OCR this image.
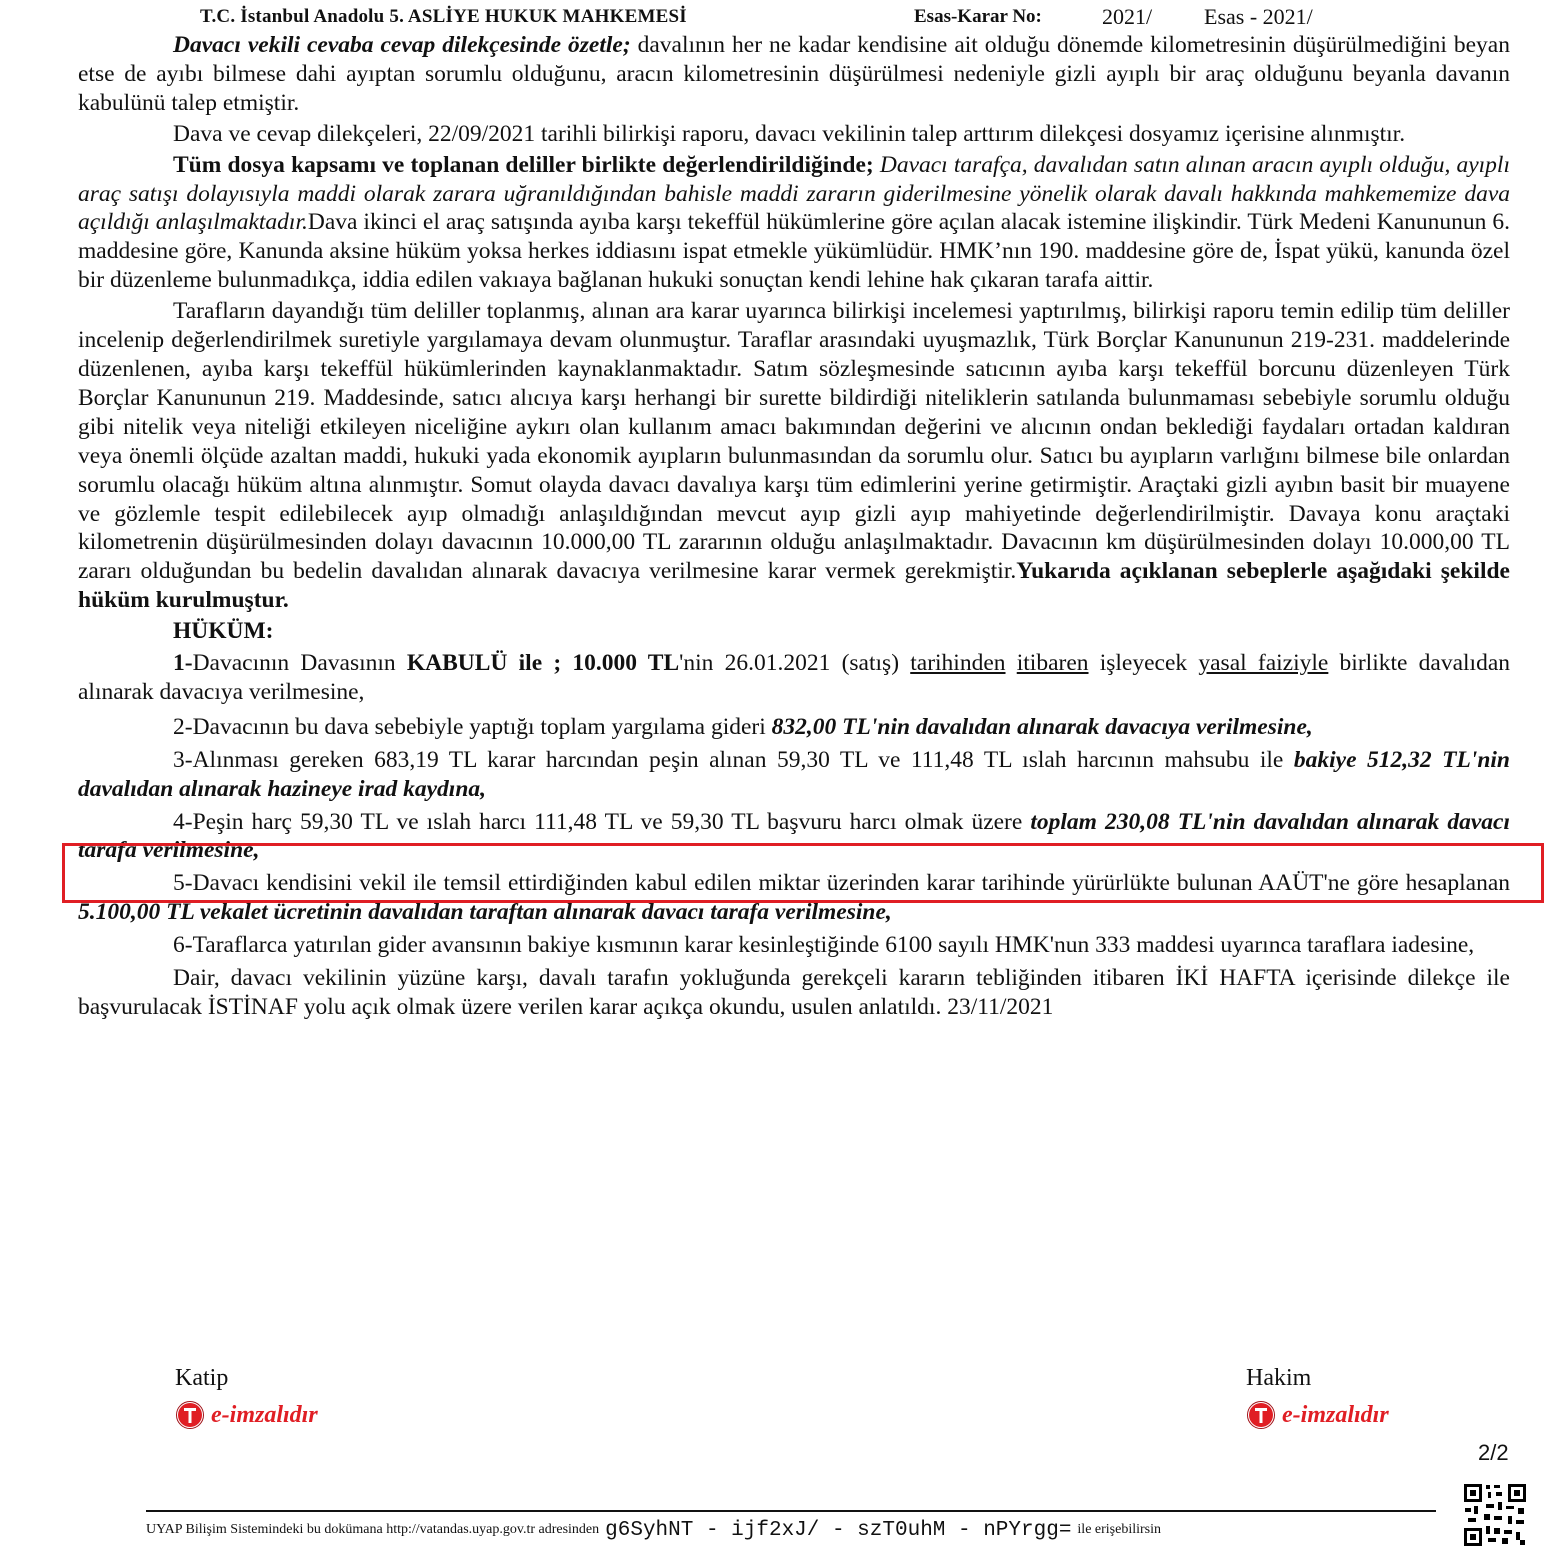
T.C. İstanbul Anadolu 5. ASLİYE HUKUK MAHKEMESİ	Esas-Karar No:	2021/ Esas - 2021/

Davacı vekili cevaba cevap dilekçesinde özetle; davalının her ne kadar kendisine ait olduğu dönemde kilometresinin düşürülmediğini beyan etse de ayıbı bilmese dahi ayıptan sorumlu olduğunu, aracın kilometresinin düşürülmesi nedeniyle gizli ayıplı bir araç olduğunu beyanla davanın kabulünü talep etmiştir.

Dava ve cevap dilekçeleri, 22/09/2021 tarihli bilirkişi raporu, davacı vekilinin talep arttırım dilekçesi dosyamız içerisine alınmıştır.

Tüm dosya kapsamı ve toplanan deliller birlikte değerlendirildiğinde; Davacı tarafça, davalıdan satın alınan aracın ayıplı olduğu, ayıplı araç satışı dolayısıyla maddi olarak zarara uğranıldığından bahisle maddi zararın giderilmesine yönelik olarak davalı hakkında mahkememize dava açıldığı anlaşılmaktadır.Dava ikinci el araç satışında ayıba karşı tekeffül hükümlerine göre açılan alacak istemine ilişkindir. Türk Medeni Kanununun 6. maddesine göre, Kanunda aksine hüküm yoksa herkes iddiasını ispat etmekle yükümlüdür. HMK’nın 190. maddesine göre de, İspat yükü, kanunda özel bir düzenleme bulunmadıkça, iddia edilen vakıaya bağlanan hukuki sonuçtan kendi lehine hak çıkaran tarafa aittir.

Tarafların dayandığı tüm deliller toplanmış, alınan ara karar uyarınca bilirkişi incelemesi yaptırılmış, bilirkişi raporu temin edilip tüm deliller incelenip değerlendirilmek suretiyle yargılamaya devam olunmuştur. Taraflar arasındaki uyuşmazlık, Türk Borçlar Kanununun 219-231. maddelerinde düzenlenen, ayıba karşı tekeffül hükümlerinden kaynaklanmaktadır. Satım sözleşmesinde satıcının ayıba karşı tekeffül borcunu düzenleyen Türk Borçlar Kanununun 219. Maddesinde, satıcı alıcıya karşı herhangi bir surette bildirdiği niteliklerin satılanda bulunmaması sebebiyle sorumlu olduğu gibi nitelik veya niteliği etkileyen niceliğine aykırı olan kullanım amacı bakımından değerini ve alıcının ondan beklediği faydaları ortadan kaldıran veya önemli ölçüde azaltan maddi, hukuki yada ekonomik ayıpların bulunmasından da sorumlu olur. Satıcı bu ayıpların varlığını bilmese bile onlardan sorumlu olacağı hüküm altına alınmıştır. Somut olayda davacı davalıya karşı tüm edimlerini yerine getirmiştir. Araçtaki gizli ayıbın basit bir muayene ve gözlemle tespit edilebilecek ayıp olmadığı anlaşıldığından mevcut ayıp gizli ayıp mahiyetinde değerlendirilmiştir. Davaya konu araçtaki kilometrenin düşürülmesinden dolayı davacının 10.000,00 TL zararının olduğu anlaşılmaktadır. Davacının km düşürülmesinden dolayı 10.000,00 TL zararı olduğundan bu bedelin davalıdan alınarak davacıya verilmesine karar vermek gerekmiştir.Yukarıda açıklanan sebeplerle aşağıdaki şekilde hüküm kurulmuştur.

HÜKÜM:

1-Davacının Davasının KABULÜ ile ; 10.000 TL'nin 26.01.2021 (satış) tarihinden itibaren işleyecek yasal faiziyle birlikte davalıdan alınarak davacıya verilmesine,

2-Davacının bu dava sebebiyle yaptığı toplam yargılama gideri 832,00 TL'nin davalıdan alınarak davacıya verilmesine,

3-Alınması gereken 683,19 TL karar harcından peşin alınan 59,30 TL ve 111,48 TL ıslah harcının mahsubu ile bakiye 512,32 TL'nin davalıdan alınarak hazineye irad kaydına,

4-Peşin harç 59,30 TL ve ıslah harcı 111,48 TL ve 59,30 TL başvuru harcı olmak üzere toplam 230,08 TL'nin davalıdan alınarak davacı tarafa verilmesine,

5-Davacı kendisini vekil ile temsil ettirdiğinden kabul edilen miktar üzerinden karar tarihinde yürürlükte bulunan AAÜT'ne göre hesaplanan 5.100,00 TL vekalet ücretinin davalıdan taraftan alınarak davacı tarafa verilmesine,

6-Taraflarca yatırılan gider avansının bakiye kısmının karar kesinleştiğinde 6100 sayılı HMK'nun 333 maddesi uyarınca taraflara iadesine,

Dair, davacı vekilinin yüzüne karşı, davalı tarafın yokluğunda gerekçeli kararın tebliğinden itibaren İKİ HAFTA içerisinde dilekçe ile başvurulacak İSTİNAF yolu açık olmak üzere verilen karar açıkça okundu, usulen anlatıldı. 23/11/2021

Katip
e-imzalıdır
Hakim
e-imzalıdır
2/2
UYAP Bilişim Sistemindeki bu dokümana http://vatandas.uyap.gov.tr adresinden g6SyhNT - ijf2xJ/ - szT0uhM - nPYrgg= ile erişebilirsin
